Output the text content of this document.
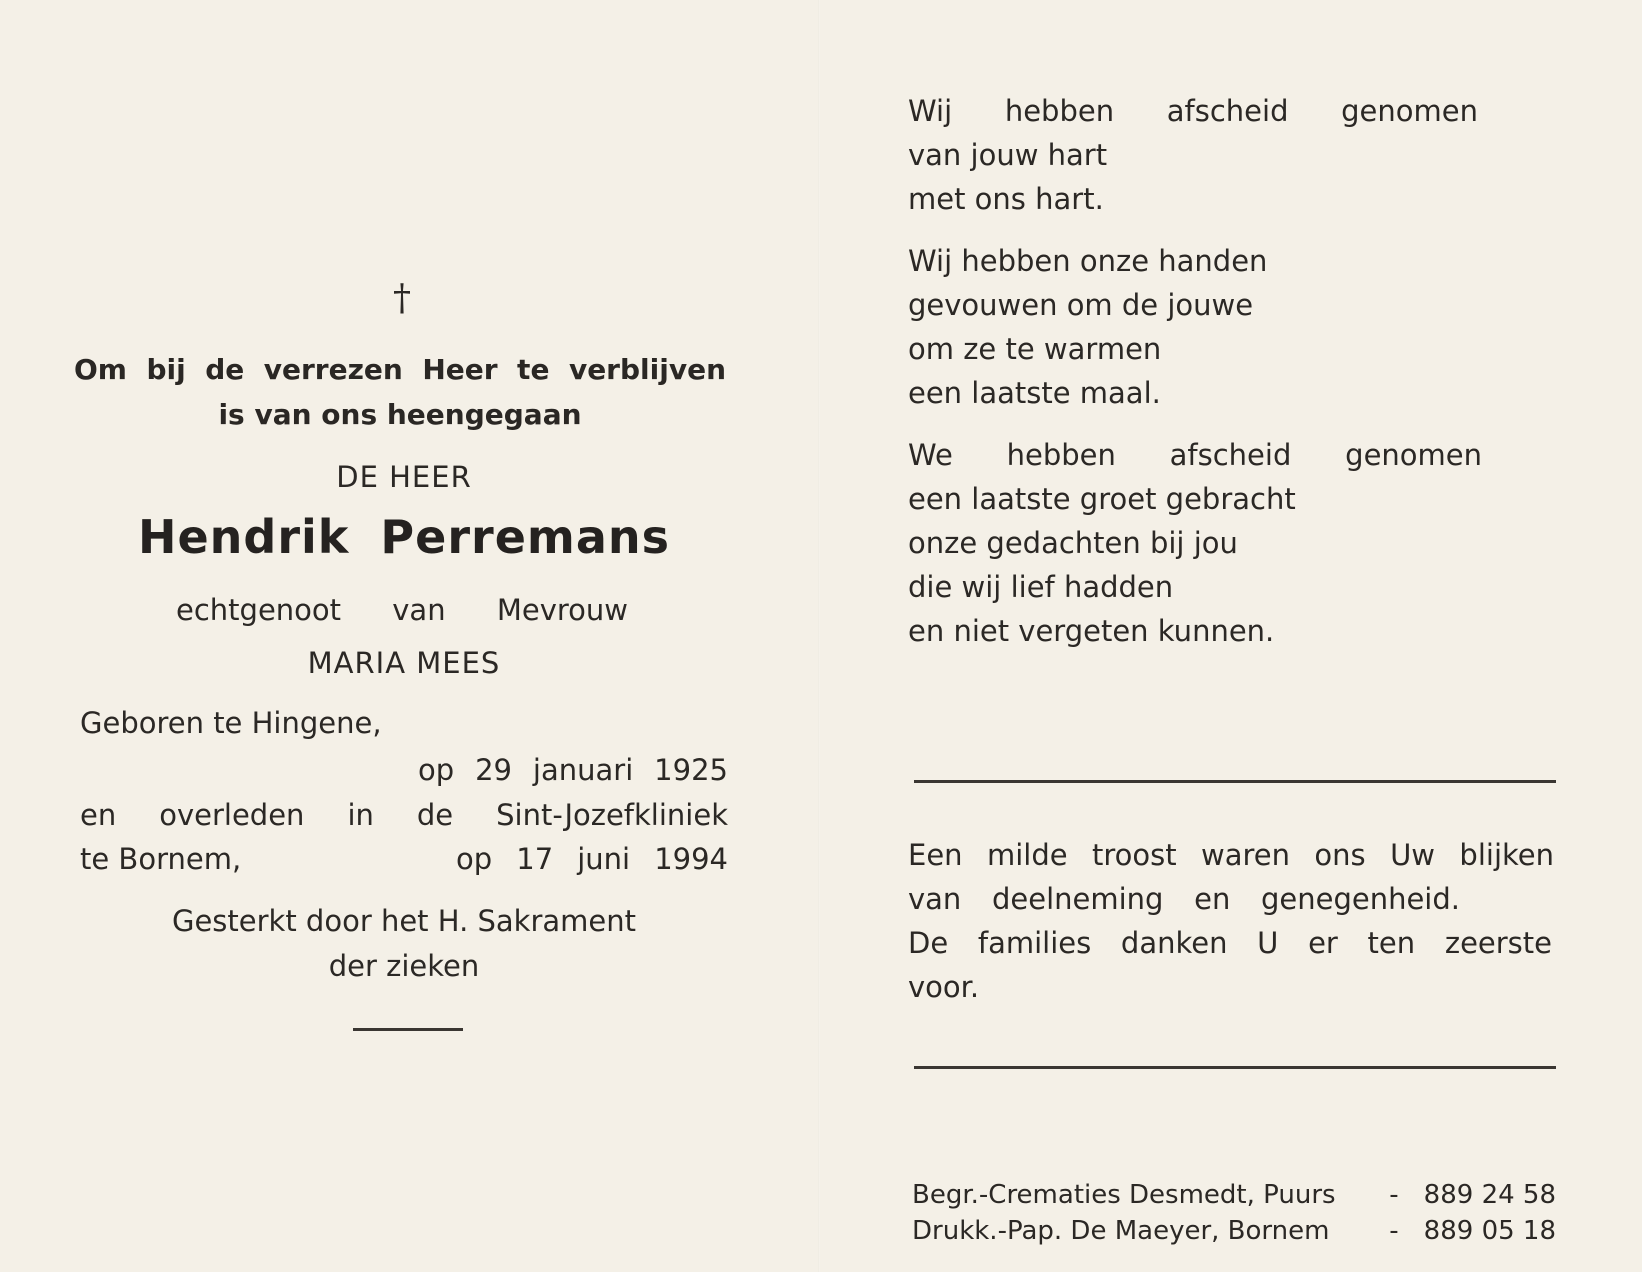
†
Om bij de verrezen Heer te verblijven
is van ons heengegaan
DE HEER
Hendrik Perremans
echtgenoot van Mevrouw
MARIA MEES
Geboren te Hingene,
op 29 januari 1925
en overleden in de Sint-Jozefkliniek
te Bornem,	op 17 juni 1994
Gesterkt door het H. Sakrament
der zieken
Wij hebben afscheid genomen
van jouw hart
met ons hart.
Wij hebben onze handen
gevouwen om de jouwe
om ze te warmen
een laatste maal.
We hebben afscheid genomen
een laatste groet gebracht
onze gedachten bij jou
die wij lief hadden
en niet vergeten kunnen.
Een milde troost waren ons Uw blijken
van deelneming en genegenheid.
De families danken U er ten zeerste
voor.
Begr.-Crematies Desmedt, Puurs	- 889 24 58
Drukk.-Pap. De Maeyer, Bornem	- 889 05 18
